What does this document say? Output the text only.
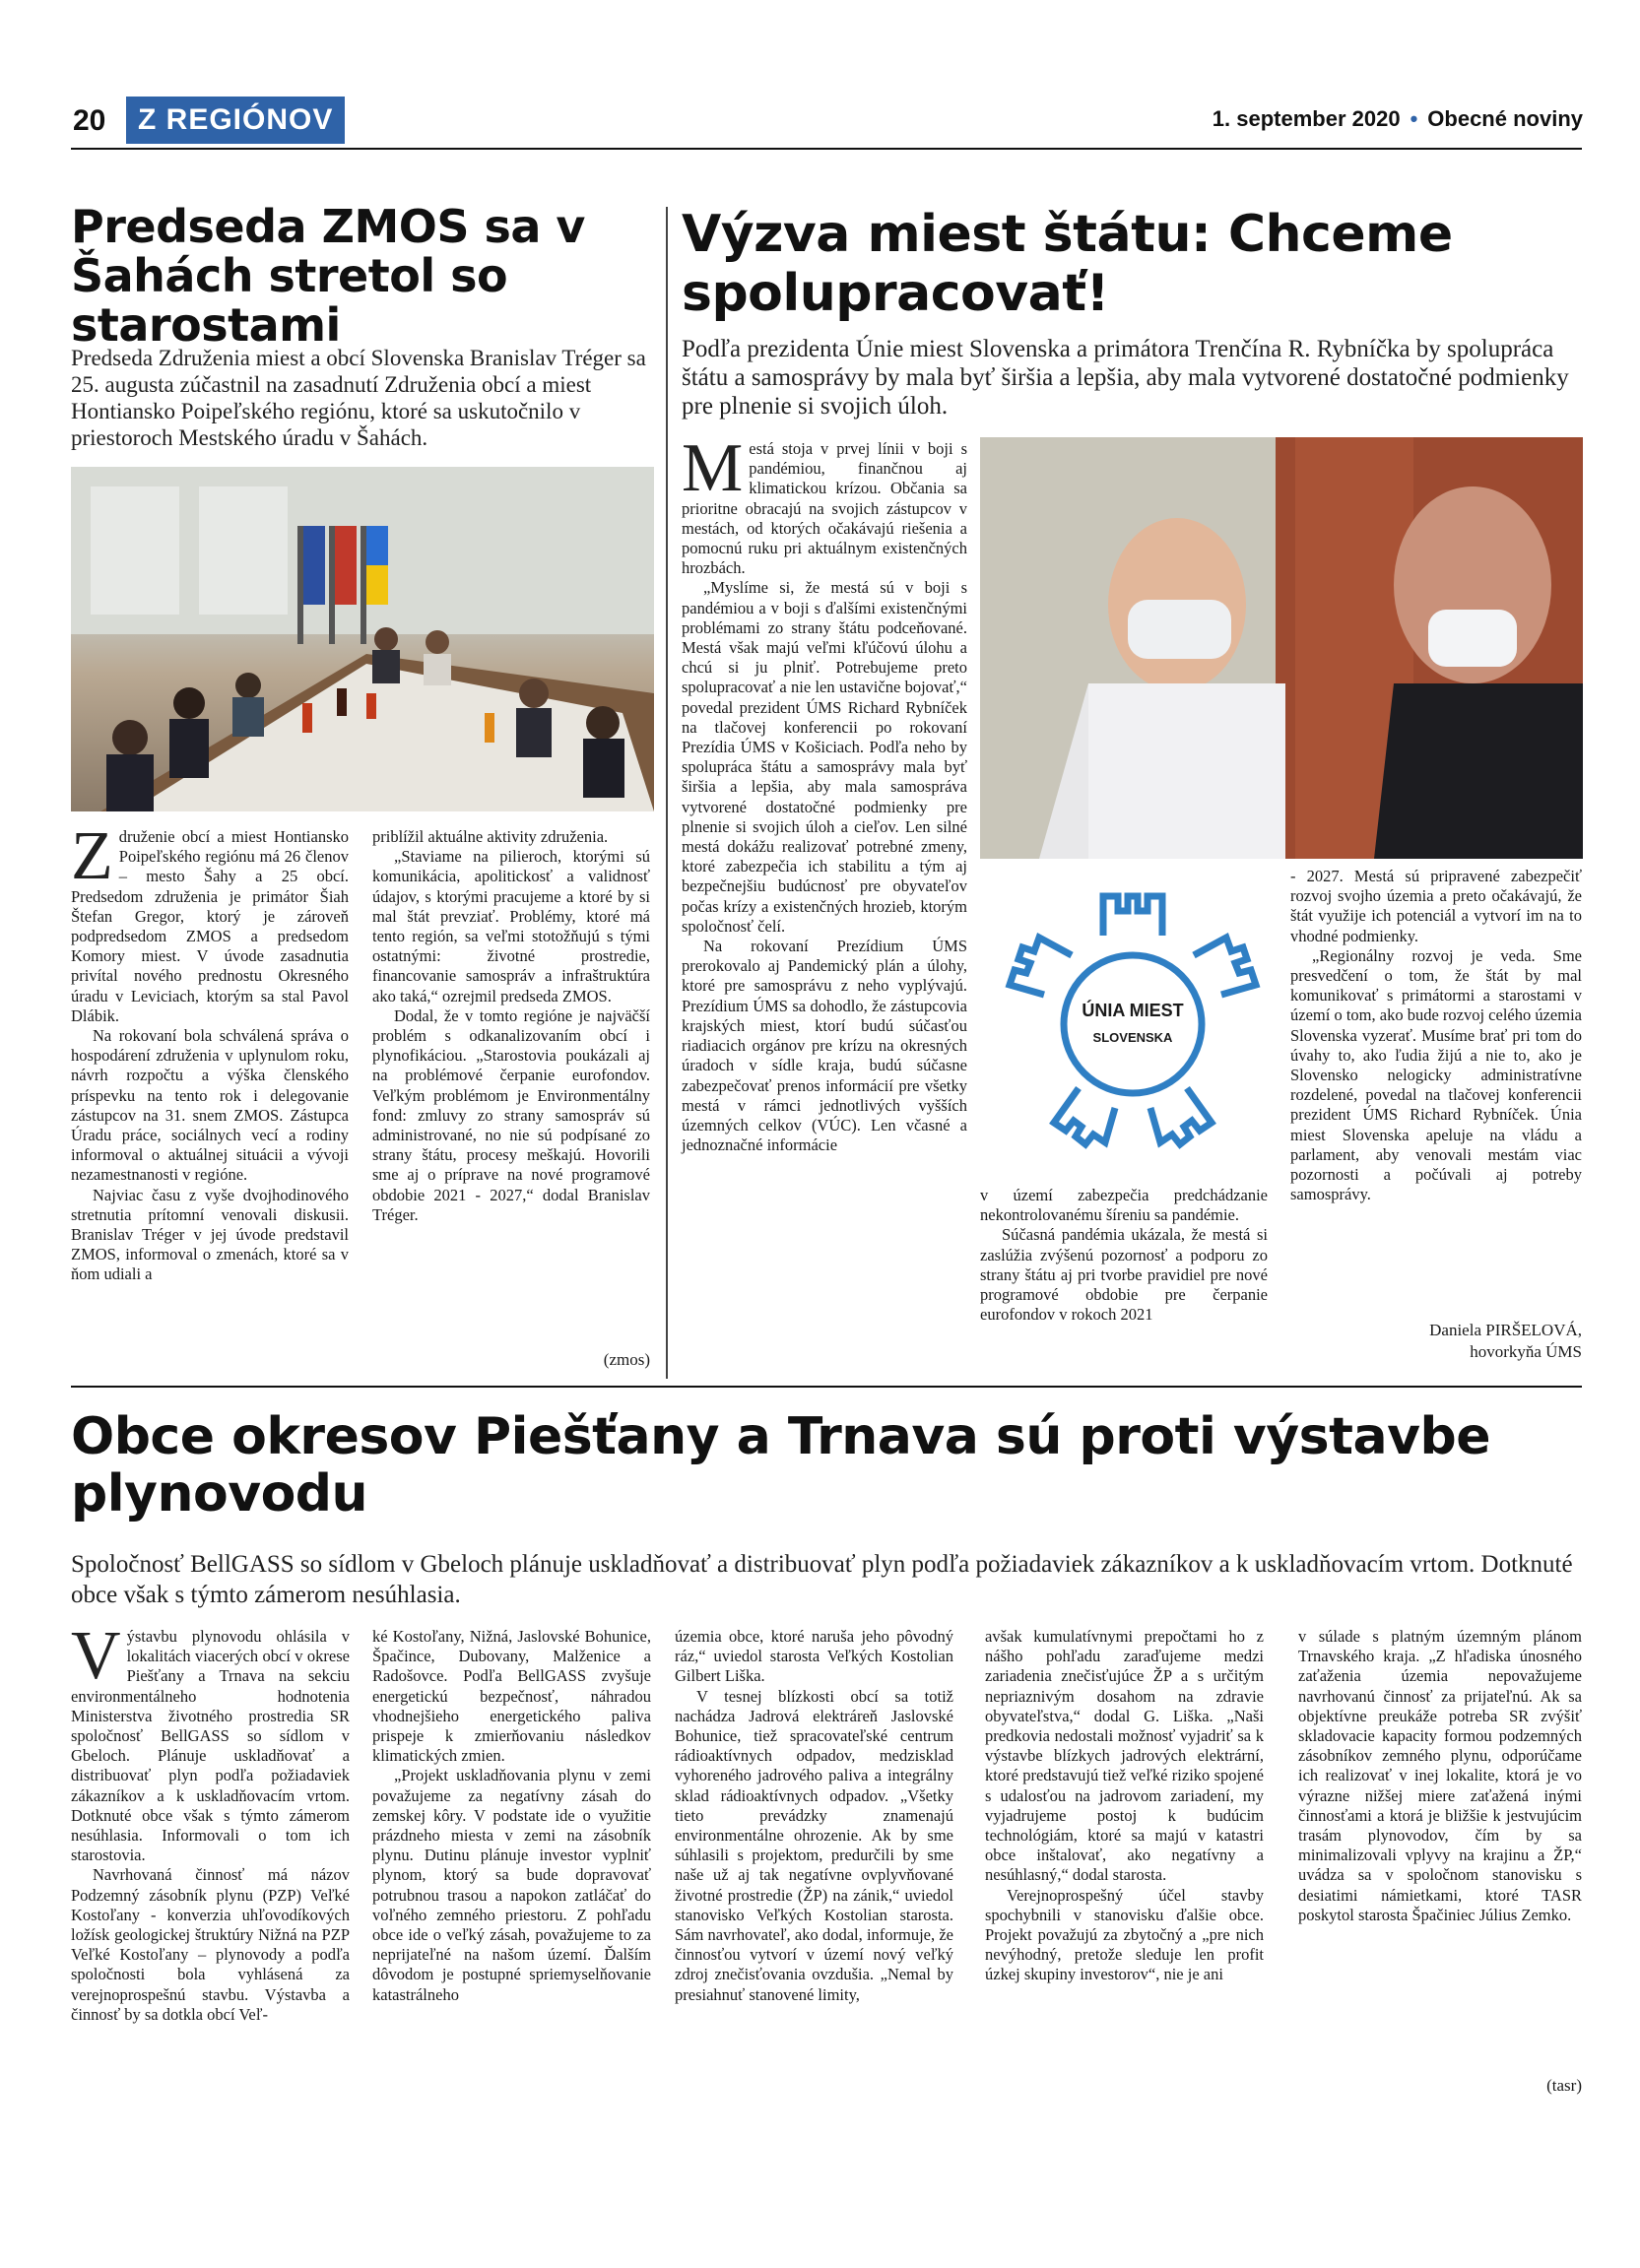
20	Z REGIÓNOV	1. september 2020 • Obecné noviny
Predseda ZMOS sa v Šahách stretol so starostami
Predseda Združenia miest a obcí Slovenska Branislav Tréger sa 25. augusta zúčastnil na zasadnutí Združenia obcí a miest Hontiansko Poipeľského regiónu, ktoré sa uskutočnilo v priestoroch Mestského úradu v Šahách.

Združenie obcí a miest Hontiansko Poipeľského regiónu má 26 členov – mesto Šahy a 25 obcí. Predsedom združenia je primátor Šiah Štefan Gregor, ktorý je zároveň podpredsedom ZMOS a predsedom Komory miest. V úvode zasadnutia privítal nového prednostu Okresného úradu v Leviciach, ktorým sa stal Pavol Dlábik.

Na rokovaní bola schválená správa o hospodárení združenia v uplynulom roku, návrh rozpočtu a výška členského príspevku na tento rok i delegovanie zástupcov na 31. snem ZMOS. Zástupca Úradu práce, sociálnych vecí a rodiny informoval o aktuálnej situácii a vývoji nezamestnanosti v regióne.

Najviac času z vyše dvojhodinového stretnutia prítomní venovali diskusii. Branislav Tréger v jej úvode predstavil ZMOS, informoval o zmenách, ktoré sa v ňom udiali a

priblížil aktuálne aktivity združenia.

„Staviame na pilieroch, ktorými sú komunikácia, apolitickosť a validnosť údajov, s ktorými pracujeme a ktoré by si mal štát prevziať. Problémy, ktoré má tento región, sa veľmi stotožňujú s tými ostatnými: životné prostredie, financovanie samospráv a infraštruktúra ako taká,“ ozrejmil predseda ZMOS.

Dodal, že v tomto regióne je najväčší problém s odkanalizovaním obcí i plynofikáciou. „Starostovia poukázali aj na problémové čerpanie eurofondov. Veľkým problémom je Environmentálny fond: zmluvy zo strany samospráv sú administrované, no nie sú podpísané zo strany štátu, procesy meškajú. Hovorili sme aj o príprave na nové programové obdobie 2021 - 2027,“ dodal Branislav Tréger.

(zmos)
Výzva miest štátu: Chceme spolupracovať!
Podľa prezidenta Únie miest Slovenska a primátora Trenčína R. Rybníčka by spolupráca štátu a samosprávy by mala byť širšia a lepšia, aby mala vytvorené dostatočné podmienky pre plnenie si svojich úloh.

Mestá stoja v prvej línii v boji s pandémiou, finančnou aj klimatickou krízou. Občania sa prioritne obracajú na svojich zástupcov v mestách, od ktorých očakávajú riešenia a pomocnú ruku pri aktuálnym existenčných hrozbách.

„Myslíme si, že mestá sú v boji s pandémiou a v boji s ďalšími existenčnými problémami zo strany štátu podceňované. Mestá však majú veľmi kľúčovú úlohu a chcú si ju plniť. Potrebujeme preto spolupracovať a nie len ustavične bojovať,“ povedal prezident ÚMS Richard Rybníček na tlačovej konferencii po rokovaní Prezídia ÚMS v Košiciach. Podľa neho by spolupráca štátu a samosprávy mala byť širšia a lepšia, aby mala samospráva vytvorené dostatočné podmienky pre plnenie si svojich úloh a cieľov. Len silné mestá dokážu realizovať potrebné zmeny, ktoré zabezpečia ich stabilitu a tým aj bezpečnejšiu budúcnosť pre obyvateľov počas krízy a existenčných hrozieb, ktorým spoločnosť čelí.

Na rokovaní Prezídium ÚMS prerokovalo aj Pandemický plán a úlohy, ktoré pre samosprávu z neho vyplývajú. Prezídium ÚMS sa dohodlo, že zástupcovia krajských miest, ktorí budú súčasťou riadiacich orgánov pre krízu na okresných úradoch v sídle kraja, budú súčasne zabezpečovať prenos informácií pre všetky mestá v rámci jednotlivých vyšších územných celkov (VÚC). Len včasné a jednoznačné informácie

ÚNIA MIEST
SLOVENSKA

v území zabezpečia predchádzanie nekontrolovanému šíreniu sa pandémie.

Súčasná pandémia ukázala, že mestá si zaslúžia zvýšenú pozornosť a podporu zo strany štátu aj pri tvorbe pravidiel pre nové programové obdobie pre čerpanie eurofondov v rokoch 2021

- 2027. Mestá sú pripravené zabezpečiť rozvoj svojho územia a preto očakávajú, že štát využije ich potenciál a vytvorí im na to vhodné podmienky.

„Regionálny rozvoj je veda. Sme presvedčení o tom, že štát by mal komunikovať s primátormi a starostami v území o tom, ako bude rozvoj celého územia Slovenska vyzerať. Musíme brať pri tom do úvahy to, ako ľudia žijú a nie to, ako je Slovensko nelogicky administratívne rozdelené, povedal na tlačovej konferencii prezident ÚMS Richard Rybníček. Únia miest Slovenska apeluje na vládu a parlament, aby venovali mestám viac pozornosti a počúvali aj potreby samosprávy.

Daniela PIRŠELOVÁ,
hovorkyňa ÚMS
Obce okresov Piešťany a Trnava sú proti výstavbe plynovodu
Spoločnosť BellGASS so sídlom v Gbeloch plánuje uskladňovať a distribuovať plyn podľa požiadaviek zákazníkov a k uskladňovacím vrtom. Dotknuté obce však s týmto zámerom nesúhlasia.

Výstavbu plynovodu ohlásila v lokalitách viacerých obcí v okrese Piešťany a Trnava na sekciu environmentálneho hodnotenia Ministerstva životného prostredia SR spoločnosť BellGASS so sídlom v Gbeloch. Plánuje uskladňovať a distribuovať plyn podľa požiadaviek zákazníkov a k uskladňovacím vrtom. Dotknuté obce však s týmto zámerom nesúhlasia. Informovali o tom ich starostovia.

Navrhovaná činnosť má názov Podzemný zásobník plynu (PZP) Veľké Kostoľany - konverzia uhľovodíkových ložísk geologickej štruktúry Nižná na PZP Veľké Kostoľany – plynovody a podľa spoločnosti bola vyhlásená za verejnoprospešnú stavbu. Výstavba a činnosť by sa dotkla obcí Veľ-

ké Kostoľany, Nižná, Jaslovské Bohunice, Špačince, Dubovany, Malženice a Radošovce. Podľa BellGASS zvyšuje energetickú bezpečnosť, náhradou vhodnejšieho energetického paliva prispeje k zmierňovaniu následkov klimatických zmien.

„Projekt uskladňovania plynu v zemi považujeme za negatívny zásah do zemskej kôry. V podstate ide o využitie prázdneho miesta v zemi na zásobník plynu. Dutinu plánuje investor vyplniť plynom, ktorý sa bude dopravovať potrubnou trasou a napokon zatláčať do voľného zemného priestoru. Z pohľadu obce ide o veľký zásah, považujeme to za neprijateľné na našom území. Ďalším dôvodom je postupné spriemyselňovanie katastrálneho

územia obce, ktoré naruša jeho pôvodný ráz,“ uviedol starosta Veľkých Kostolian Gilbert Liška.

V tesnej blízkosti obcí sa totiž nachádza Jadrová elektráreň Jaslovské Bohunice, tiež spracovateľské centrum rádioaktívnych odpadov, medzisklad vyhoreného jadrového paliva a integrálny sklad rádioaktívnych odpadov. „Všetky tieto prevádzky znamenajú environmentálne ohrozenie. Ak by sme súhlasili s projektom, predurčili by sme naše už aj tak negatívne ovplyvňované životné prostredie (ŽP) na zánik,“ uviedol stanovisko Veľkých Kostolian starosta. Sám navrhovateľ, ako dodal, informuje, že činnosťou vytvorí v území nový veľký zdroj znečisťovania ovzdušia. „Nemal by presiahnuť stanovené limity,

avšak kumulatívnymi prepočtami ho z nášho pohľadu zaraďujeme medzi zariadenia znečisťujúce ŽP a s určitým nepriaznivým dosahom na zdravie obyvateľstva,“ dodal G. Liška. „Naši predkovia nedostali možnosť vyjadriť sa k výstavbe blízkych jadrových elektrární, ktoré predstavujú tiež veľké riziko spojené s udalosťou na jadrovom zariadení, my vyjadrujeme postoj k budúcim technológiám, ktoré sa majú v katastri obce inštalovať, ako negatívny a nesúhlasný,“ dodal starosta.

Verejnoprospešný účel stavby spochybnili v stanovisku ďalšie obce. Projekt považujú za zbytočný a „pre nich nevýhodný, pretože sleduje len profit úzkej skupiny investorov“, nie je ani

v súlade s platným územným plánom Trnavského kraja. „Z hľadiska únosného zaťaženia územia nepovažujeme navrhovanú činnosť za prijateľnú. Ak sa objektívne preukáže potreba SR zvýšiť skladovacie kapacity formou podzemných zásobníkov zemného plynu, odporúčame ich realizovať v inej lokalite, ktorá je vo výrazne nižšej miere zaťažená inými činnosťami a ktorá je bližšie k jestvujúcim trasám plynovodov, čím by sa minimalizovali vplyvy na krajinu a ŽP,“ uvádza sa v spoločnom stanovisku s desiatimi námietkami, ktoré TASR poskytol starosta Špačiniec Július Zemko.

(tasr)
